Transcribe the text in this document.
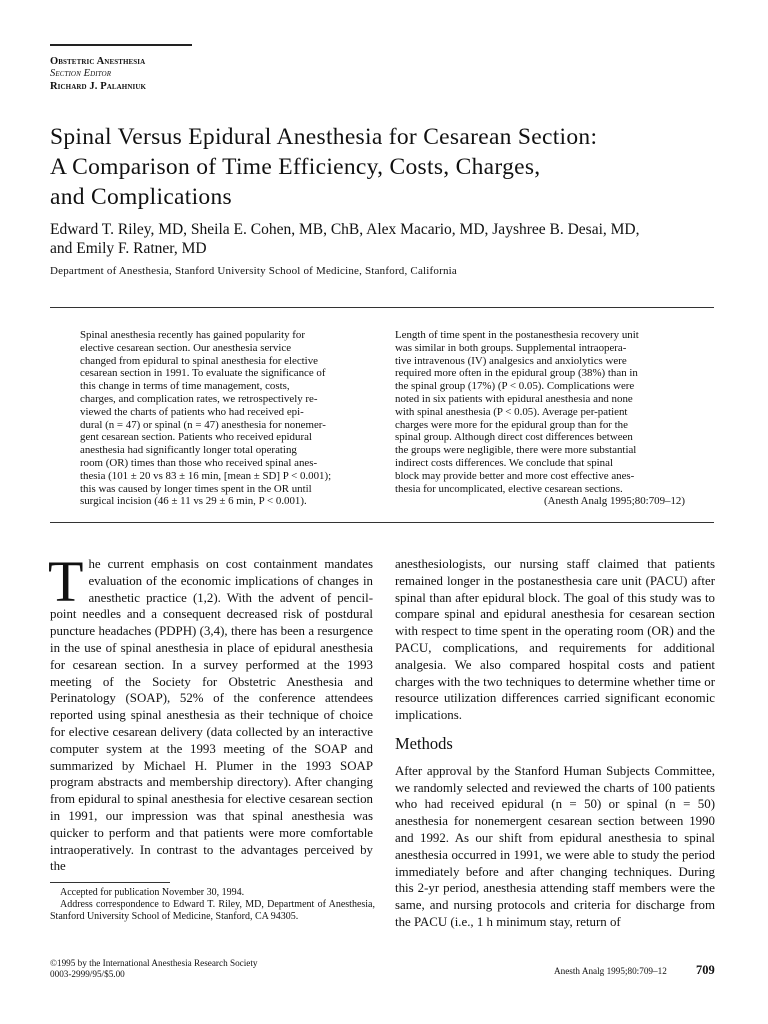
Obstetric Anesthesia
Section Editor
Richard J. Palahniuk
Spinal Versus Epidural Anesthesia for Cesarean Section:
A Comparison of Time Efficiency, Costs, Charges,
and Complications
Edward T. Riley, MD, Sheila E. Cohen, MB, ChB, Alex Macario, MD, Jayshree B. Desai, MD,
and Emily F. Ratner, MD
Department of Anesthesia, Stanford University School of Medicine, Stanford, California
Spinal anesthesia recently has gained popularity for
elective cesarean section. Our anesthesia service
changed from epidural to spinal anesthesia for elective
cesarean section in 1991. To evaluate the significance of
this change in terms of time management, costs,
charges, and complication rates, we retrospectively re-
viewed the charts of patients who had received epi-
dural (n = 47) or spinal (n = 47) anesthesia for nonemer-
gent cesarean section. Patients who received epidural
anesthesia had significantly longer total operating
room (OR) times than those who received spinal anes-
thesia (101 ± 20 vs 83 ± 16 min, [mean ± SD] P < 0.001);
this was caused by longer times spent in the OR until
surgical incision (46 ± 11 vs 29 ± 6 min, P < 0.001).
Length of time spent in the postanesthesia recovery unit
was similar in both groups. Supplemental intraopera-
tive intravenous (IV) analgesics and anxiolytics were
required more often in the epidural group (38%) than in
the spinal group (17%) (P < 0.05). Complications were
noted in six patients with epidural anesthesia and none
with spinal anesthesia (P < 0.05). Average per-patient
charges were more for the epidural group than for the
spinal group. Although direct cost differences between
the groups were negligible, there were more substantial
indirect costs differences. We conclude that spinal
block may provide better and more cost effective anes-
thesia for uncomplicated, elective cesarean sections.
(Anesth Analg 1995;80:709–12)

The current emphasis on cost containment mandates evaluation of the economic implications of changes in anesthetic practice (1,2). With the advent of pencil-point needles and a consequent decreased risk of postdural puncture headaches (PDPH) (3,4), there has been a resurgence in the use of spinal anesthesia in place of epidural anesthesia for cesarean section. In a survey performed at the 1993 meeting of the Society for Obstetric Anesthesia and Perinatology (SOAP), 52% of the conference attendees reported using spinal anesthesia as their technique of choice for elective cesarean delivery (data collected by an interactive computer system at the 1993 meeting of the SOAP and summarized by Michael H. Plumer in the 1993 SOAP program abstracts and membership directory). After changing from epidural to spinal anesthesia for elective cesarean section in 1991, our impression was that spinal anesthesia was quicker to perform and that patients were more comfortable intraoperatively. In contrast to the advantages perceived by the

anesthesiologists, our nursing staff claimed that patients remained longer in the postanesthesia care unit (PACU) after spinal than after epidural block. The goal of this study was to compare spinal and epidural anesthesia for cesarean section with respect to time spent in the operating room (OR) and the PACU, complications, and requirements for additional analgesia. We also compared hospital costs and patient charges with the two techniques to determine whether time or resource utilization differences carried significant economic implications.

Methods

After approval by the Stanford Human Subjects Committee, we randomly selected and reviewed the charts of 100 patients who had received epidural (n = 50) or spinal (n = 50) anesthesia for nonemergent cesarean section between 1990 and 1992. As our shift from epidural anesthesia to spinal anesthesia occurred in 1991, we were able to study the period immediately before and after changing techniques. During this 2-yr period, anesthesia attending staff members were the same, and nursing protocols and criteria for discharge from the PACU (i.e., 1 h minimum stay, return of

Accepted for publication November 30, 1994.

Address correspondence to Edward T. Riley, MD, Department of Anesthesia, Stanford University School of Medicine, Stanford, CA 94305.

©1995 by the International Anesthesia Research Society
0003-2999/95/$5.00	Anesth Analg 1995;80:709–12 709
